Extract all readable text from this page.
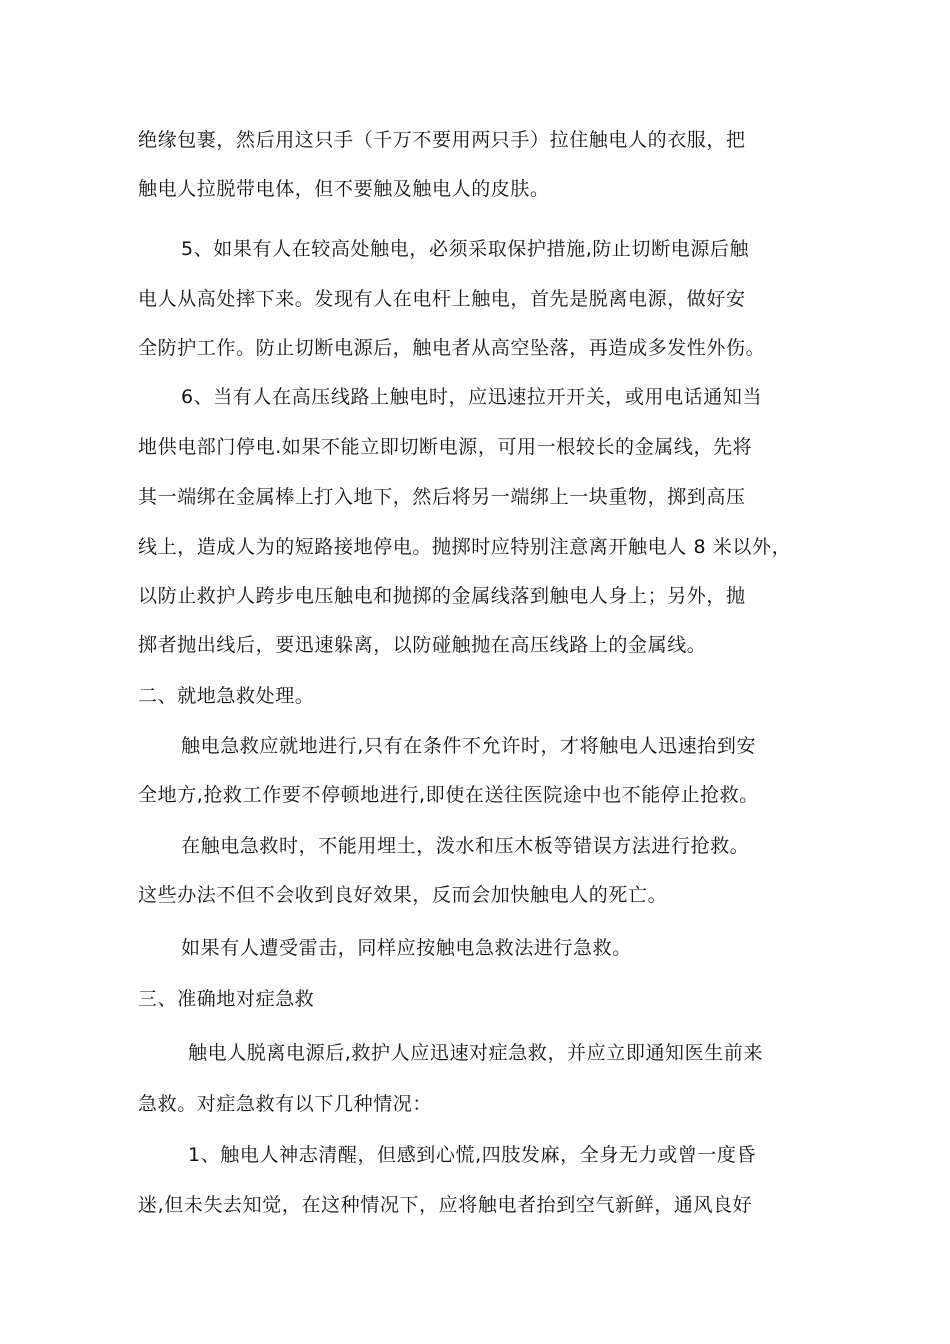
绝缘包裹，然后用这只手（千万不要用两只手）拉住触电人的衣服，把
触电人拉脱带电体，但不要触及触电人的皮肤。
5、如果有人在较高处触电，必须采取保护措施,防止切断电源后触
电人从高处摔下来。发现有人在电杆上触电，首先是脱离电源，做好安
全防护工作。防止切断电源后，触电者从高空坠落，再造成多发性外伤。
6、当有人在高压线路上触电时，应迅速拉开开关，或用电话通知当
地供电部门停电.如果不能立即切断电源，可用一根较长的金属线，先将
其一端绑在金属棒上打入地下，然后将另一端绑上一块重物，掷到高压
线上，造成人为的短路接地停电。抛掷时应特别注意离开触电人 8 米以外，
以防止救护人跨步电压触电和抛掷的金属线落到触电人身上；另外，抛
掷者抛出线后，要迅速躲离，以防碰触抛在高压线路上的金属线。
二、就地急救处理。
触电急救应就地进行,只有在条件不允许时，才将触电人迅速抬到安
全地方,抢救工作要不停顿地进行,即使在送往医院途中也不能停止抢救。
在触电急救时，不能用埋土，泼水和压木板等错误方法进行抢救。
这些办法不但不会收到良好效果，反而会加快触电人的死亡。
如果有人遭受雷击，同样应按触电急救法进行急救。
三、准确地对症急救
触电人脱离电源后,救护人应迅速对症急救，并应立即通知医生前来
急救。对症急救有以下几种情况：
1、触电人神志清醒，但感到心慌,四肢发麻，全身无力或曾一度昏
迷,但未失去知觉，在这种情况下，应将触电者抬到空气新鲜，通风良好
